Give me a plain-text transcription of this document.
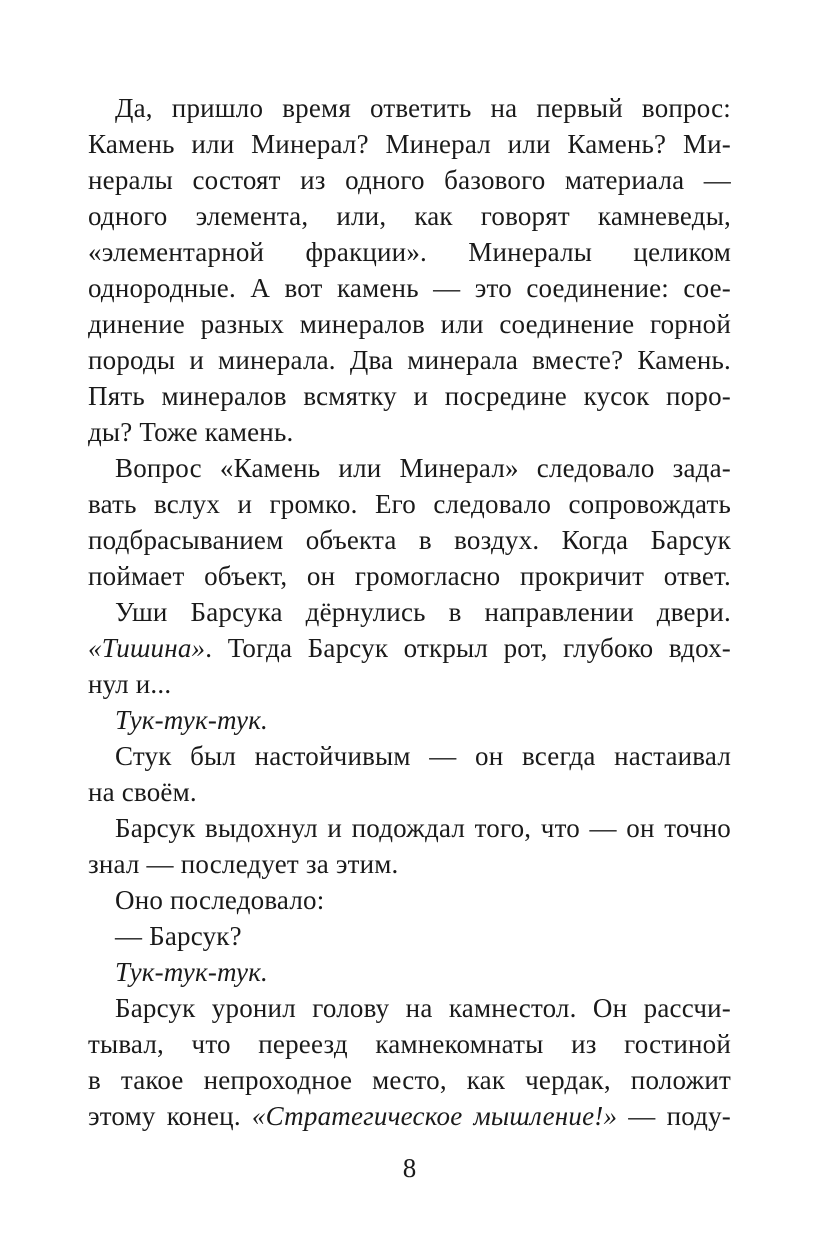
Да, пришло время ответить на первый вопрос:
Камень или Минерал? Минерал или Камень? Ми-
нералы состоят из одного базового материала —
одного элемента, или, как говорят камневеды,
«элементарной фракции». Минералы целиком
однородные. А вот камень — это соединение: сое-
динение разных минералов или соединение горной
породы и минерала. Два минерала вместе? Камень.
Пять минералов всмятку и посредине кусок поро-
ды? Тоже камень.
Вопрос «Камень или Минерал» следовало зада-
вать вслух и громко. Его следовало сопровождать
подбрасыванием объекта в воздух. Когда Барсук
поймает объект, он громогласно прокричит ответ.
Уши Барсука дёрнулись в направлении двери.
«Тишина». Тогда Барсук открыл рот, глубоко вдох-
нул и...
Тук-тук-тук.
Стук был настойчивым — он всегда настаивал
на своём.
Барсук выдохнул и подождал того, что — он точно
знал — последует за этим.
Оно последовало:
— Барсук?
Тук-тук-тук.
Барсук уронил голову на камнестол. Он рассчи-
тывал, что переезд камнекомнаты из гостиной
в такое непроходное место, как чердак, положит
этому конец. «Стратегическое мышление!» — поду-
8
